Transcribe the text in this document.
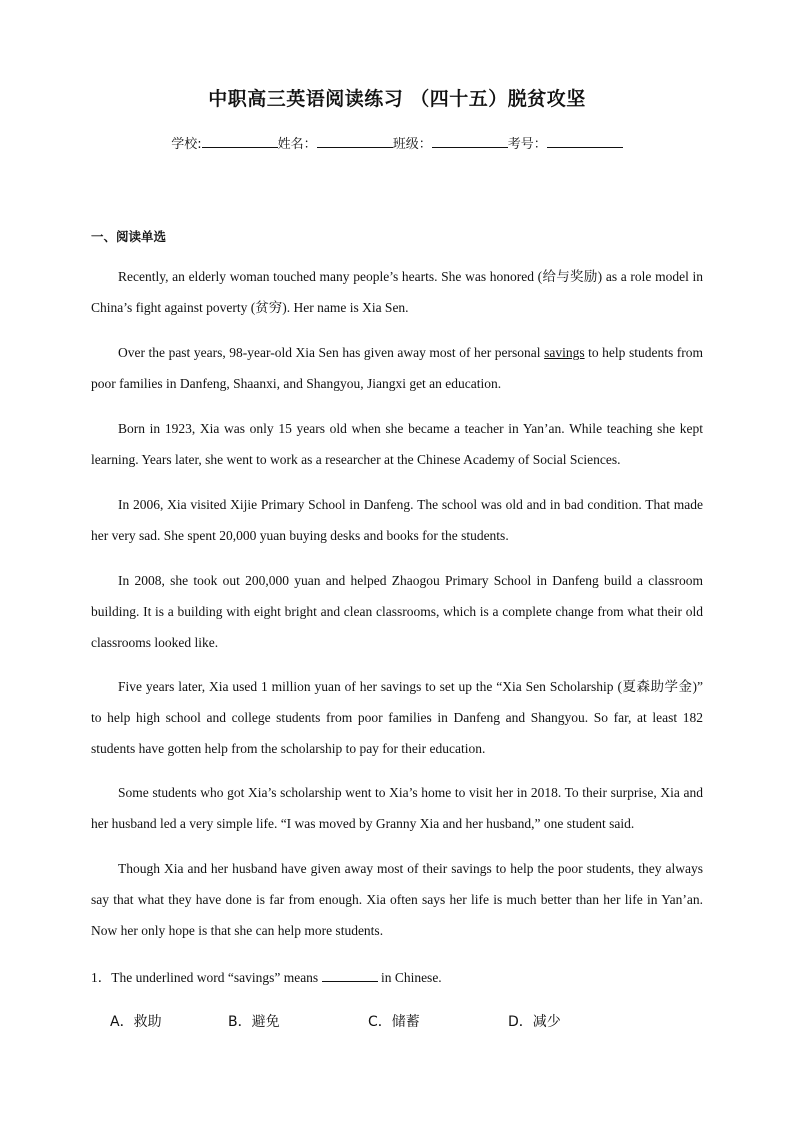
中职高三英语阅读练习 （四十五）脱贫攻坚
学校:	姓名：	班级：	考号：
一、阅读单选

Recently, an elderly woman touched many people’s hearts. She was honored (给与奖励) as a role model in China’s fight against poverty (贫穷). Her name is Xia Sen.

Over the past years, 98-year-old Xia Sen has given away most of her personal savings to help students from poor families in Danfeng, Shaanxi, and Shangyou, Jiangxi get an education.

Born in 1923, Xia was only 15 years old when she became a teacher in Yan’an. While teaching she kept learning. Years later, she went to work as a researcher at the Chinese Academy of Social Sciences.

In 2006, Xia visited Xijie Primary School in Danfeng. The school was old and in bad condition. That made her very sad. She spent 20,000 yuan buying desks and books for the students.

In 2008, she took out 200,000 yuan and helped Zhaogou Primary School in Danfeng build a classroom building. It is a building with eight bright and clean classrooms, which is a complete change from what their old classrooms looked like.

Five years later, Xia used 1 million yuan of her savings to set up the “Xia Sen Scholarship (夏森助学金)” to help high school and college students from poor families in Danfeng and Shangyou. So far, at least 182 students have gotten help from the scholarship to pay for their education.

Some students who got Xia’s scholarship went to Xia’s home to visit her in 2018. To their surprise, Xia and her husband led a very simple life. “I was moved by Granny Xia and her husband,” one student said.

Though Xia and her husband have given away most of their savings to help the poor students, they always say that what they have done is far from enough. Xia often says her life is much better than her life in Yan’an. Now her only hope is that she can help more students.

1．The underlined word “savings” means	in Chinese.
A．救助	B．避免	C．储蓄	D．减少
